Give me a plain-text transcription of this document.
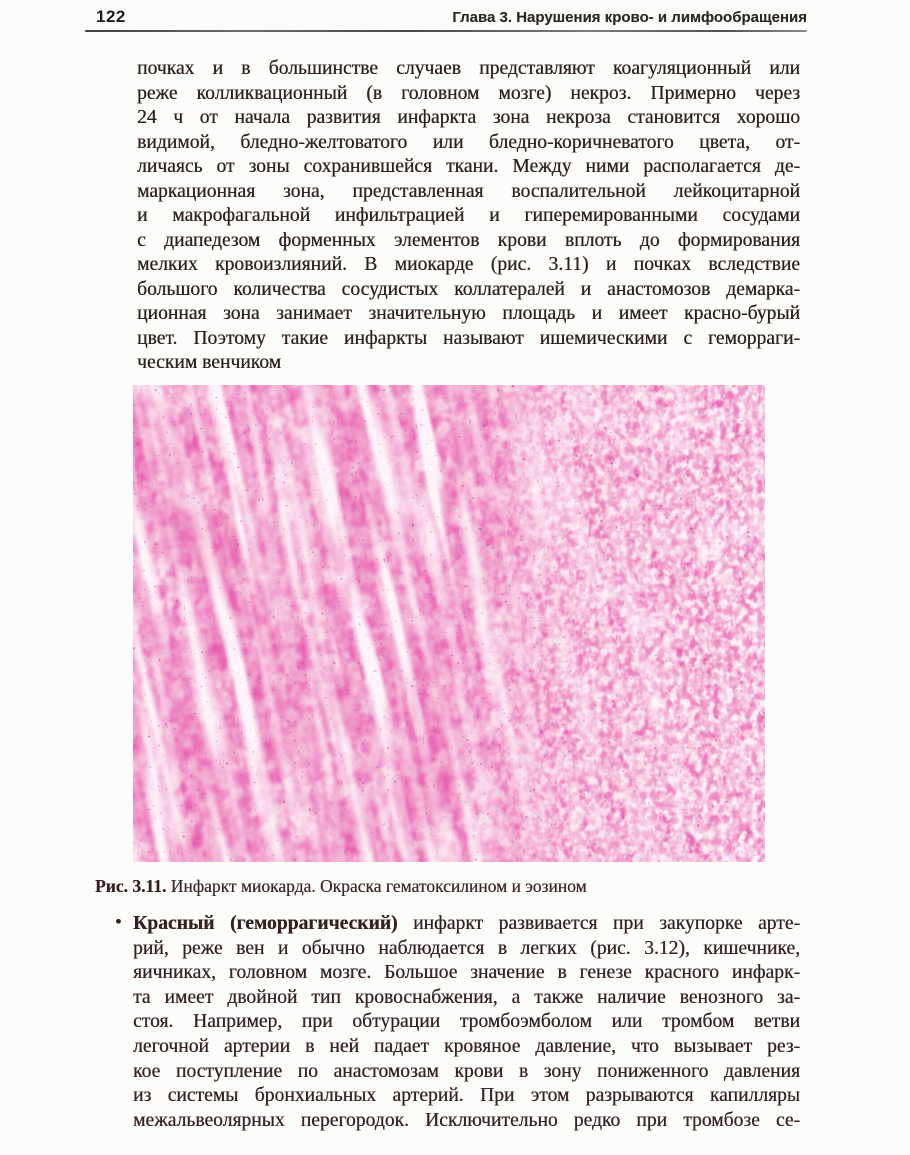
122	Глава 3. Нарушения крово- и лимфообращения
почках и в большинстве случаев представляют коагуляционный или
реже колликвационный (в головном мозге) некроз. Примерно через
24 ч от начала развития инфаркта зона некроза становится хорошо
видимой, бледно-желтоватого или бледно-коричневатого цвета, от-
личаясь от зоны сохранившейся ткани. Между ними располагается де-
маркационная зона, представленная воспалительной лейкоцитарной
и макрофагальной инфильтрацией и гиперемированными сосудами
с диапедезом форменных элементов крови вплоть до формирования
мелких кровоизлияний. В миокарде (рис. 3.11) и почках вследствие
большого количества сосудистых коллатералей и анастомозов демарка-
ционная зона занимает значительную площадь и имеет красно-бурый
цвет. Поэтому такие инфаркты называют ишемическими с геморраги-
ческим венчиком
Рис. 3.11. Инфаркт миокарда. Окраска гематоксилином и эозином
• Красный (геморрагический) инфаркт развивается при закупорке арте-
рий, реже вен и обычно наблюдается в легких (рис. 3.12), кишечнике,
яичниках, головном мозге. Большое значение в генезе красного инфарк-
та имеет двойной тип кровоснабжения, а также наличие венозного за-
стоя. Например, при обтурации тромбоэмболом или тромбом ветви
легочной артерии в ней падает кровяное давление, что вызывает рез-
кое поступление по анастомозам крови в зону пониженного давления
из системы бронхиальных артерий. При этом разрываются капилляры
межальвеолярных перегородок. Исключительно редко при тромбозе се-
